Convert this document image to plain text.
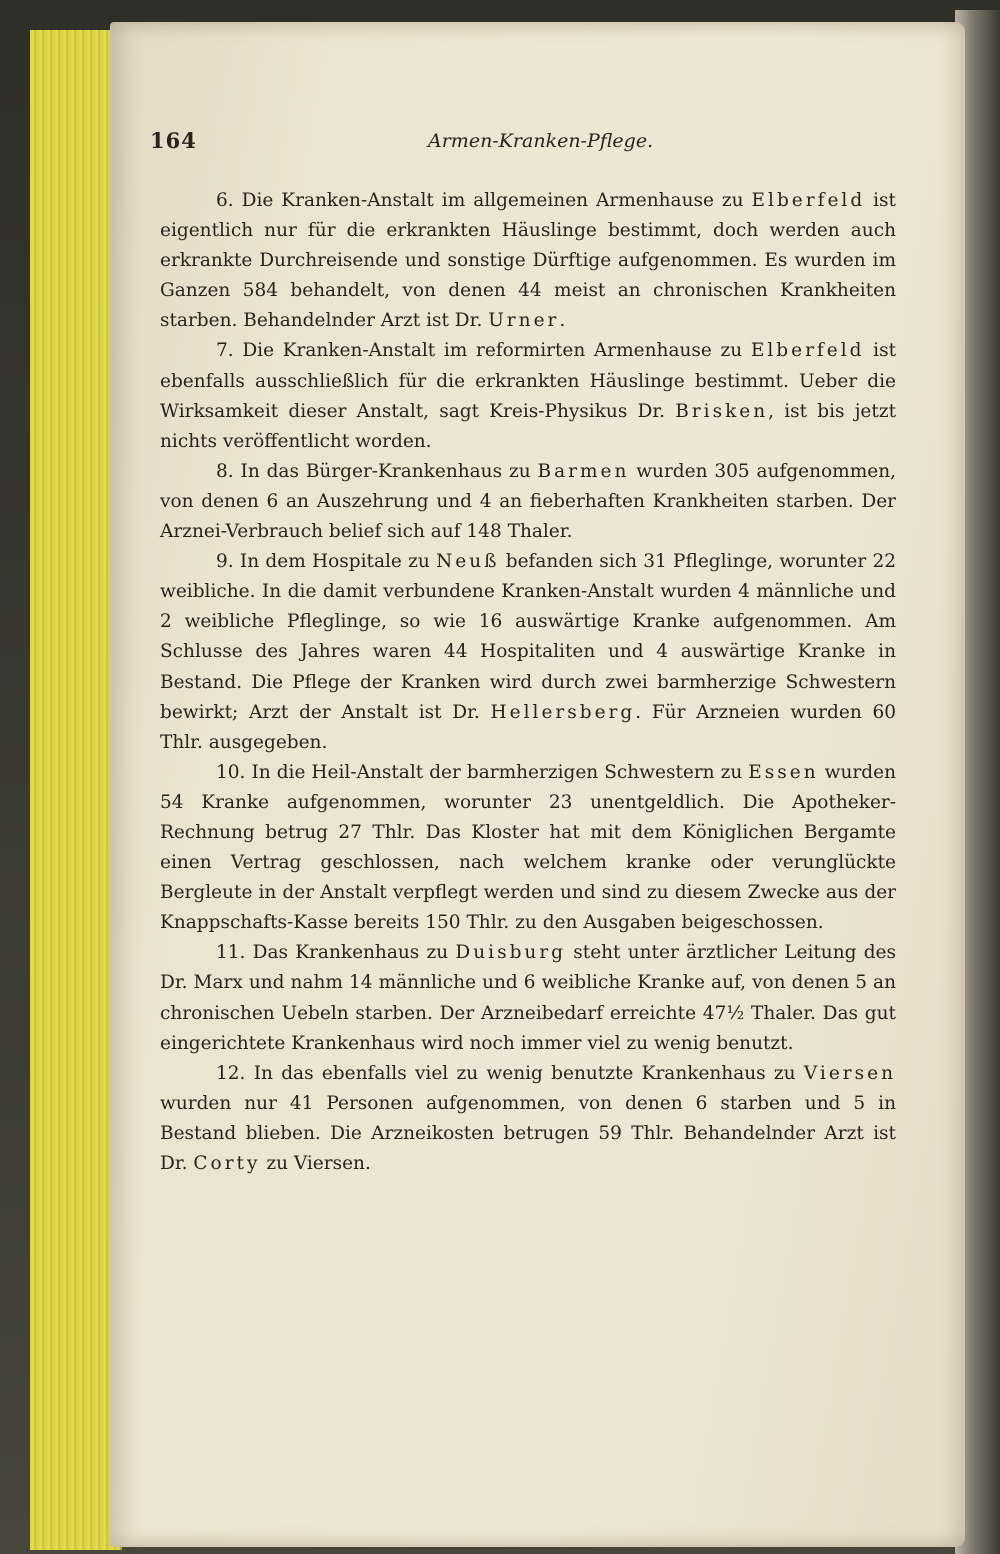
164	Armen-Kranken-Pflege.

6. Die Kranken-Anstalt im allgemeinen Armenhause zu Elberfeld ist eigentlich nur für die erkrankten Häuslinge bestimmt, doch werden auch erkrankte Durchreisende und sonstige Dürftige aufgenommen. Es wurden im Ganzen 584 behandelt, von denen 44 meist an chronischen Krankheiten starben. Behandelnder Arzt ist Dr. Urner.

7. Die Kranken-Anstalt im reformirten Armenhause zu Elberfeld ist ebenfalls ausschließlich für die erkrankten Häuslinge bestimmt. Ueber die Wirksamkeit dieser Anstalt, sagt Kreis-Physikus Dr. Brisken, ist bis jetzt nichts veröffentlicht worden.

8. In das Bürger-Krankenhaus zu Barmen wurden 305 aufgenommen, von denen 6 an Auszehrung und 4 an fieberhaften Krankheiten starben. Der Arznei-Verbrauch belief sich auf 148 Thaler.

9. In dem Hospitale zu Neuß befanden sich 31 Pfleglinge, worunter 22 weibliche. In die damit verbundene Kranken-Anstalt wurden 4 männliche und 2 weibliche Pfleglinge, so wie 16 auswärtige Kranke aufgenommen. Am Schlusse des Jahres waren 44 Hospitaliten und 4 auswärtige Kranke in Bestand. Die Pflege der Kranken wird durch zwei barmherzige Schwestern bewirkt; Arzt der Anstalt ist Dr. Hellersberg. Für Arzneien wurden 60 Thlr. ausgegeben.

10. In die Heil-Anstalt der barmherzigen Schwestern zu Essen wurden 54 Kranke aufgenommen, worunter 23 unentgeldlich. Die Apotheker-Rechnung betrug 27 Thlr. Das Kloster hat mit dem Königlichen Bergamte einen Vertrag geschlossen, nach welchem kranke oder verunglückte Bergleute in der Anstalt verpflegt werden und sind zu diesem Zwecke aus der Knappschafts-Kasse bereits 150 Thlr. zu den Ausgaben beigeschossen.

11. Das Krankenhaus zu Duisburg steht unter ärztlicher Leitung des Dr. Marx und nahm 14 männliche und 6 weibliche Kranke auf, von denen 5 an chronischen Uebeln starben. Der Arzneibedarf erreichte 47½ Thaler. Das gut eingerichtete Krankenhaus wird noch immer viel zu wenig benutzt.

12. In das ebenfalls viel zu wenig benutzte Krankenhaus zu Viersen wurden nur 41 Personen aufgenommen, von denen 6 starben und 5 in Bestand blieben. Die Arzneikosten betrugen 59 Thlr. Behandelnder Arzt ist Dr. Corty zu Viersen.
